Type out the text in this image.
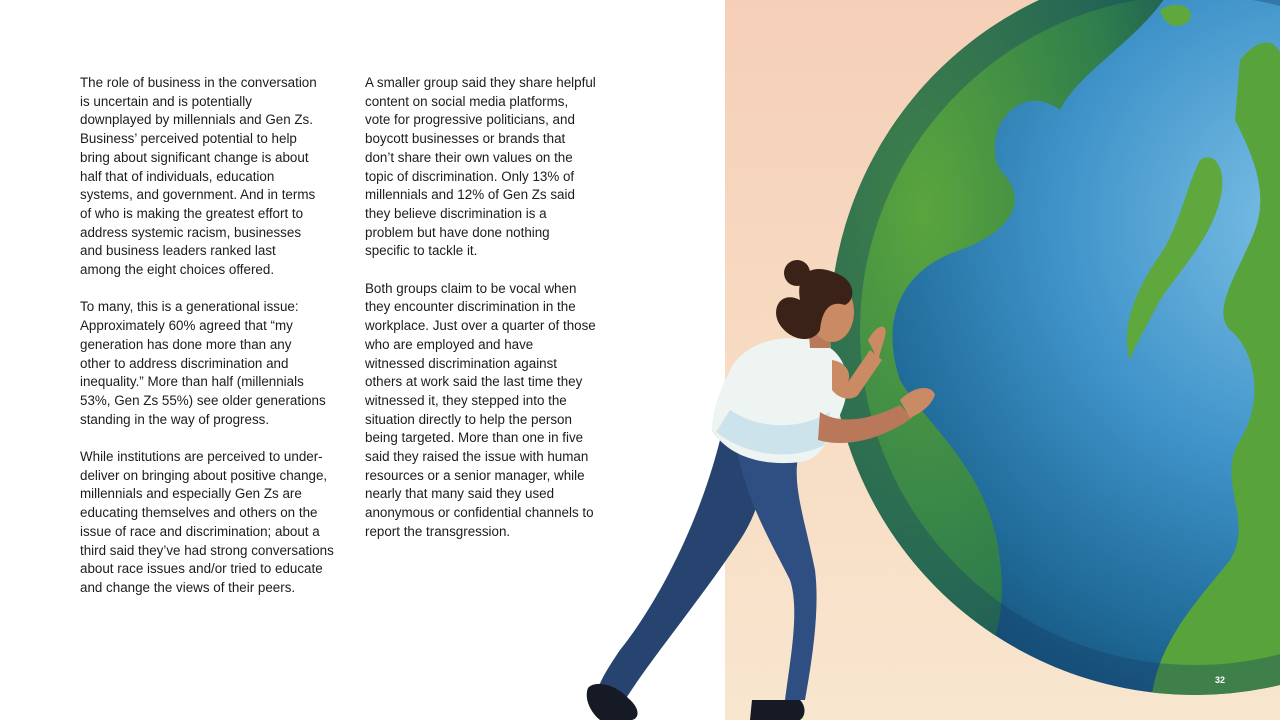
The role of business in the conversation
is uncertain and is potentially
downplayed by millennials and Gen Zs.
Business’ perceived potential to help
bring about significant change is about
half that of individuals, education
systems, and government. And in terms
of who is making the greatest effort to
address systemic racism, businesses
and business leaders ranked last
among the eight choices offered.

To many, this is a generational issue:
Approximately 60% agreed that “my
generation has done more than any
other to address discrimination and
inequality.” More than half (millennials
53%, Gen Zs 55%) see older generations
standing in the way of progress.

While institutions are perceived to under-
deliver on bringing about positive change,
millennials and especially Gen Zs are
educating themselves and others on the
issue of race and discrimination; about a
third said they’ve had strong conversations
about race issues and/or tried to educate
and change the views of their peers.

A smaller group said they share helpful
content on social media platforms,
vote for progressive politicians, and
boycott businesses or brands that
don’t share their own values on the
topic of discrimination. Only 13% of
millennials and 12% of Gen Zs said
they believe discrimination is a
problem but have done nothing
specific to tackle it.

Both groups claim to be vocal when
they encounter discrimination in the
workplace. Just over a quarter of those
who are employed and have
witnessed discrimination against
others at work said the last time they
witnessed it, they stepped into the
situation directly to help the person
being targeted. More than one in five
said they raised the issue with human
resources or a senior manager, while
nearly that many said they used
anonymous or confidential channels to
report the transgression.

32
